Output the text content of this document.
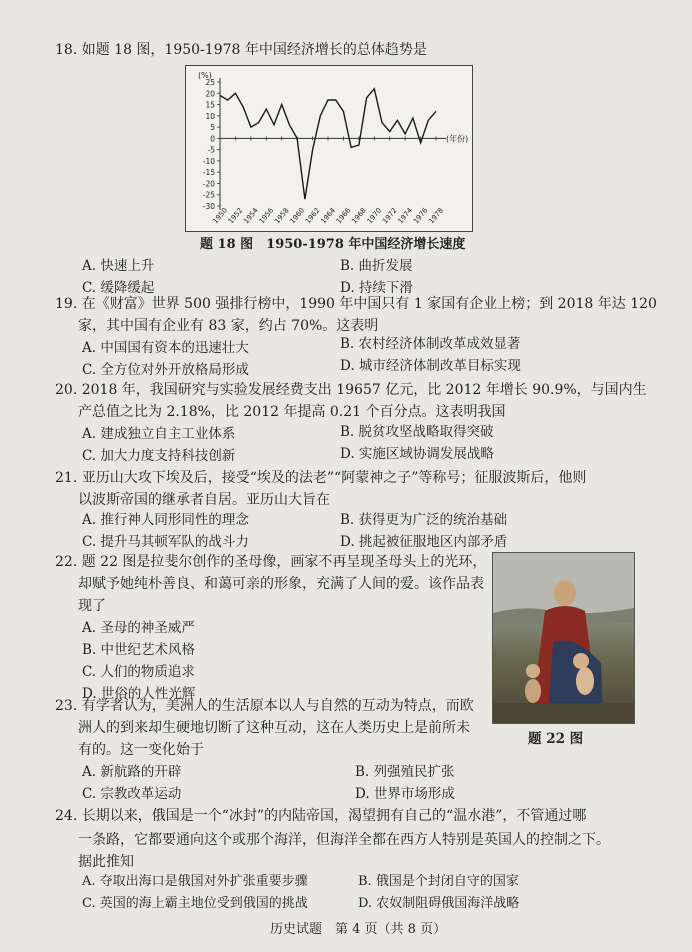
18. 如题 18 图，1950-1978 年中国经济增长的总体趋势是
(%)
(年份)
25
20
15
10
5
0
-5
-10
-15
-20
-25
-30
1950
1952
1954
1956
1958
1960
1962
1964
1966
1968
1970
1972
1974
1976
1978
题 18 图　1950-1978 年中国经济增长速度
A. 快速上升	B. 曲折发展
C. 缓降缓起	D. 持续下滑
19. 在《财富》世界 500 强排行榜中，1990 年中国只有 1 家国有企业上榜；到 2018 年达 120
家，其中国有企业有 83 家，约占 70%。这表明
A. 中国国有资本的迅速壮大	B. 农村经济体制改革成效显著
C. 全方位对外开放格局形成	D. 城市经济体制改革目标实现
20. 2018 年，我国研究与实验发展经费支出 19657 亿元，比 2012 年增长 90.9%，与国内生
产总值之比为 2.18%，比 2012 年提高 0.21 个百分点。这表明我国
A. 建成独立自主工业体系	B. 脱贫攻坚战略取得突破
C. 加大力度支持科技创新	D. 实施区域协调发展战略
21. 亚历山大攻下埃及后，接受“埃及的法老”“阿蒙神之子”等称号；征服波斯后，他则
以波斯帝国的继承者自居。亚历山大旨在
A. 推行神人同形同性的理念	B. 获得更为广泛的统治基础
C. 提升马其顿军队的战斗力	D. 挑起被征服地区内部矛盾
22. 题 22 图是拉斐尔创作的圣母像，画家不再呈现圣母头上的光环，
却赋予她纯朴善良、和蔼可亲的形象，充满了人间的爱。该作品表
现了
A. 圣母的神圣威严
B. 中世纪艺术风格
C. 人们的物质追求
D. 世俗的人性光辉
题 22 图
23. 有学者认为，美洲人的生活原本以人与自然的互动为特点，而欧
洲人的到来却生硬地切断了这种互动，这在人类历史上是前所未
有的。这一变化始于
A. 新航路的开辟	B. 列强殖民扩张
C. 宗教改革运动	D. 世界市场形成
24. 长期以来，俄国是一个“冰封”的内陆帝国，渴望拥有自己的“温水港”，不管通过哪
一条路，它都要通向这个或那个海洋，但海洋全都在西方人特别是英国人的控制之下。
据此推知
A. 夺取出海口是俄国对外扩张重要步骤	B. 俄国是个封闭自守的国家
C. 英国的海上霸主地位受到俄国的挑战	D. 农奴制阻碍俄国海洋战略
历史试题　第 4 页（共 8 页）
